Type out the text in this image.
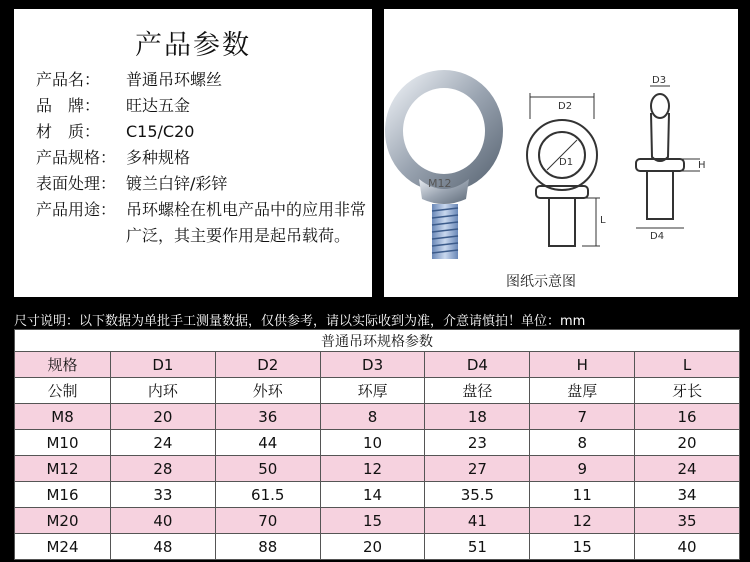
产品参数
产品名：	普通吊环螺丝
品　牌：	旺达五金
材　质：	C15/C20
产品规格： 多种规格
表面处理： 镀兰白锌/彩锌
产品用途： 吊环螺栓在机电产品中的应用非常广泛，其主要作用是起吊载荷。
D2
D1
L
D3
H
D4
M12
图纸示意图
尺寸说明：以下数据为单批手工测量数据，仅供参考，请以实际收到为准，介意请慎拍！单位：mm
普通吊环规格参数						
规格	D1	D2	D3	D4	H	L
公制	内环	外环	环厚	盘径	盘厚	牙长
M8	20	36	8	18	7	16
M10	24	44	10	23	8	20
M12	28	50	12	27	9	24
M16	33	61.5	14	35.5	11	34
M20	40	70	15	41	12	35
M24	48	88	20	51	15	40
